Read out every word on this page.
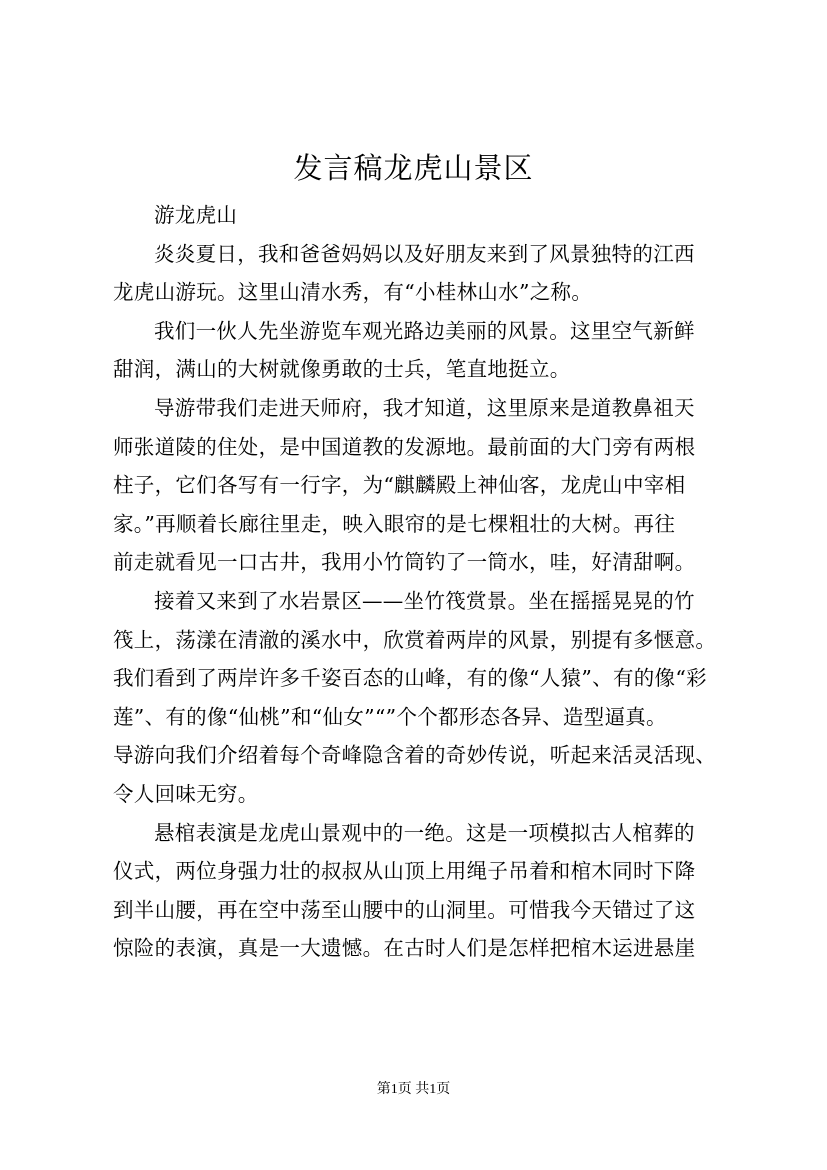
发言稿龙虎山景区
游龙虎山
炎炎夏日，我和爸爸妈妈以及好朋友来到了风景独特的江西
龙虎山游玩。这里山清水秀，有“小桂林山水”之称。
我们一伙人先坐游览车观光路边美丽的风景。这里空气新鲜
甜润，满山的大树就像勇敢的士兵，笔直地挺立。
导游带我们走进天师府，我才知道，这里原来是道教鼻祖天
师张道陵的住处，是中国道教的发源地。最前面的大门旁有两根
柱子，它们各写有一行字，为“麒麟殿上神仙客，龙虎山中宰相
家。”再顺着长廊往里走，映入眼帘的是七棵粗壮的大树。再往
前走就看见一口古井，我用小竹筒钓了一筒水，哇，好清甜啊。
接着又来到了水岩景区——坐竹筏赏景。坐在摇摇晃晃的竹
筏上，荡漾在清澈的溪水中，欣赏着两岸的风景，别提有多惬意。
我们看到了两岸许多千姿百态的山峰，有的像“人猿”、有的像“彩
莲”、有的像“仙桃”和“仙女”“”个个都形态各异、造型逼真。
导游向我们介绍着每个奇峰隐含着的奇妙传说，听起来活灵活现、
令人回味无穷。
悬棺表演是龙虎山景观中的一绝。这是一项模拟古人棺葬的
仪式，两位身强力壮的叔叔从山顶上用绳子吊着和棺木同时下降
到半山腰，再在空中荡至山腰中的山洞里。可惜我今天错过了这
惊险的表演，真是一大遗憾。在古时人们是怎样把棺木运进悬崖
第1页 共1页
